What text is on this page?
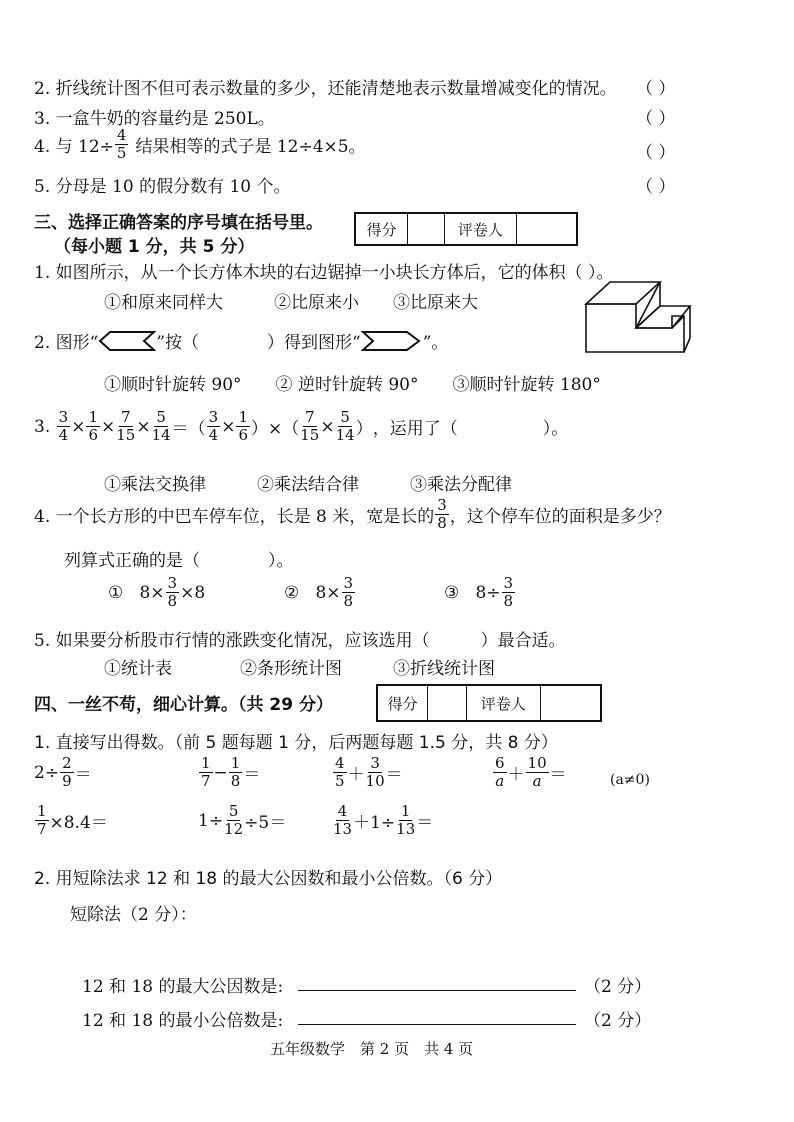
2. 折线统计图不但可表示数量的多少，还能清楚地表示数量增减变化的情况。 （ ）
3. 一盒牛奶的容量约是 250L。	（ ）
4. 与 $12\div \frac{4}{5}$ 结果相等的式子是 12÷4×5。	（ ）
5. 分母是 10 的假分数有 10 个。	（ ）
三、选择正确答案的序号填在括号里。
（每小题 1 分，共 5 分）
得分	评卷人
1. 如图所示，从一个长方体木块的右边锯掉一小块长方体后，它的体积（ ）。
①和原来同样大　　　②比原来小　　③比原来大
2. 图形“	”按（　　　　）得到图形“	”。
①顺时针旋转 90°　　② 逆时针旋转 90°　　③顺时针旋转 180°
3.
$\frac{3}{4} \times \frac{1}{6} \times \frac{7}{15} \times \frac{5}{14}$ ＝（ $\frac{3}{4} \times \frac{1}{6}$ ）×（ $\frac{7}{15} \times \frac{5}{14}$ ） ，运用了（　　　　　）。
①乘法交换律　　　②乘法结合律　　　③乘法分配律
4. 一个长方形的中巴车停车位，长是 8 米，宽是长的 $\frac{3}{8}$ ，这个停车位的面积是多少？
列算式正确的是（　　　　）。
① $8\times \frac{3}{8} \times 8$	② $8\times \frac{3}{8}$	③ $8\div \frac{3}{8}$
5. 如果要分析股市行情的涨跌变化情况，应该选用（　　　）最合适。
①统计表　　　　②条形统计图　　　③折线统计图
四、一丝不苟，细心计算。（共 29 分）	得分	评卷人
1. 直接写出得数。（前 5 题每题 1 分，后两题每题 1.5 分，共 8 分）
$2\div \frac{2}{9}$ ＝	$\frac{1}{7} - \frac{1}{8}$ ＝	$\frac{4}{5} + \frac{3}{10}$ ＝	$\frac{6}{a} + \frac{10}{a}$ ＝	(a≠0)
$\frac{1}{7} \times 8.4=$	$1\div \frac{5}{12} \div 5=$	$\frac{4}{13} +1\div \frac{1}{13}$ ＝
2. 用短除法求 12 和 18 的最大公因数和最小公倍数。（6 分）
短除法（2 分）：
12 和 18 的最大公因数是:	（2 分）
12 和 18 的最小公倍数是:	（2 分）
五年级数学　第 2 页　共 4 页
